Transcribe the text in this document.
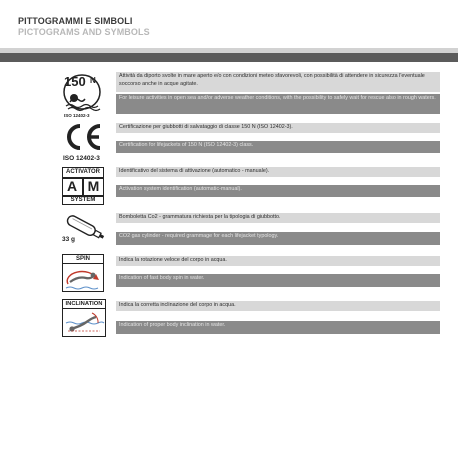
PITTOGRAMMI E SIMBOLI
PICTOGRAMS AND SYMBOLS
150 N
ISO 12402-3
Attività da diporto svolte in mare aperto e/o con condizioni meteo sfavorevoli, con possibilità di attendere in sicurezza l'eventuale soccorso anche in acque agitate.
For leisure activities in open sea and/or adverse weather conditions, with the possibility to safely wait for rescue also in rough waters.
ISO 12402-3
Certificazione per giubbotti di salvataggio di classe 150 N (ISO 12402-3).
Certification for lifejackets of 150 N (ISO 12402-3) class.
ACTIVATOR
A M
SYSTEM
Identificativo del sistema di attivazione (automatico - manuale).
Activation system identification (automatic-manual).
33 g
Bomboletta Co2 - grammatura richiesta per la tipologia di giubbotto.
CO2 gas cylinder - required grammage for each lifejacket typology.
SPIN	Indica la rotazione veloce del corpo in acqua.
Indication of fast body spin in water.
INCLINATION	Indica la corretta inclinazione del corpo in acqua.
Indication of proper body inclination in water.
